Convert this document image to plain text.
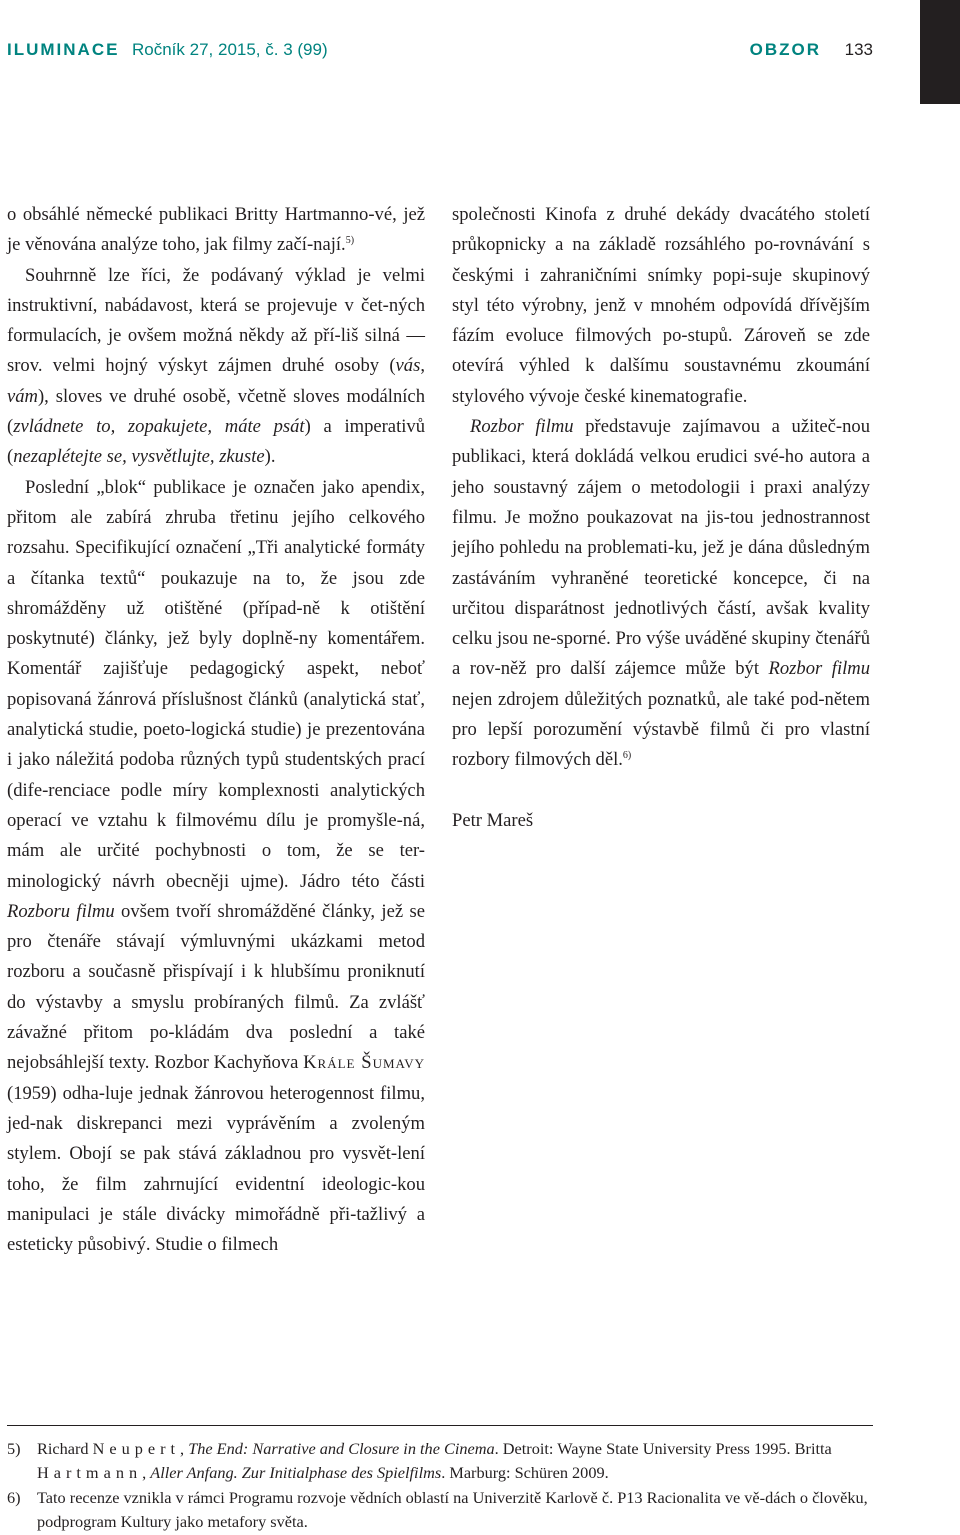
ILUMINACE Ročník 27, 2015, č. 3 (99)	OBZOR 133

o obsáhlé německé publikaci Britty Hartmanno-vé, jež je věnována analýze toho, jak filmy začí-nají.$^{5)}$

Souhrnně lze říci, že podávaný výklad je velmi instruktivní, nabádavost, která se projevuje v čet-ných formulacích, je ovšem možná někdy až pří-liš silná — srov. velmi hojný výskyt zájmen druhé osoby (vás, vám), sloves ve druhé osobě, včetně sloves modálních (zvládnete to, zopakujete, máte psát) a imperativů (nezaplétejte se, vysvětlujte, zkuste).

Poslední „blok“ publikace je označen jako apendix, přitom ale zabírá zhruba třetinu jejího celkového rozsahu. Specifikující označení „Tři analytické formáty a čítanka textů“ poukazuje na to, že jsou zde shromážděny už otištěné (případ-ně k otištění poskytnuté) články, jež byly doplně-ny komentářem. Komentář zajišťuje pedagogický aspekt, neboť popisovaná žánrová příslušnost článků (analytická stať, analytická studie, poeto-logická studie) je prezentována i jako náležitá podoba různých typů studentských prací (dife-renciace podle míry komplexnosti analytických operací ve vztahu k filmovému dílu je promyšle-ná, mám ale určité pochybnosti o tom, že se ter-minologický návrh obecněji ujme). Jádro této části Rozboru filmu ovšem tvoří shromážděné články, jež se pro čtenáře stávají výmluvnými ukázkami metod rozboru a současně přispívají i k hlubšímu proniknutí do výstavby a smyslu probíraných filmů. Za zvlášť závažné přitom po-kládám dva poslední a také nejobsáhlejší texty. Rozbor Kachyňova Krále Šumavy (1959) odha-luje jednak žánrovou heterogennost filmu, jed-nak diskrepanci mezi vyprávěním a zvoleným stylem. Obojí se pak stává základnou pro vysvět-lení toho, že film zahrnující evidentní ideologic-kou manipulaci je stále divácky mimořádně při-tažlivý a esteticky působivý. Studie o filmech

společnosti Kinofa z druhé dekády dvacátého století průkopnicky a na základě rozsáhlého po-rovnávání s českými i zahraničními snímky popi-suje skupinový styl této výrobny, jenž v mnohém odpovídá dřívějším fázím evoluce filmových po-stupů. Zároveň se zde otevírá výhled k dalšímu soustavnému zkoumání stylového vývoje české kinematografie.

Rozbor filmu představuje zajímavou a užiteč-nou publikaci, která dokládá velkou erudici své-ho autora a jeho soustavný zájem o metodologii i praxi analýzy filmu. Je možno poukazovat na jis-tou jednostrannost jejího pohledu na problemati-ku, jež je dána důsledným zastáváním vyhraněné teoretické koncepce, či na určitou disparátnost jednotlivých částí, avšak kvality celku jsou ne-sporné. Pro výše uváděné skupiny čtenářů a rov-něž pro další zájemce může být Rozbor filmu nejen zdrojem důležitých poznatků, ale také pod-nětem pro lepší porozumění výstavbě filmů či pro vlastní rozbory filmových děl.$^{6)}$

Petr Mareš

5) Richard Neupert, The End: Narrative and Closure in the Cinema. Detroit: Wayne State University Press 1995. Britta Hartmann, Aller Anfang. Zur Initialphase des Spielfilms. Marburg: Schüren 2009.
6) Tato recenze vznikla v rámci Programu rozvoje vědních oblastí na Univerzitě Karlově č. P13 Racionalita ve vě-dách o člověku, podprogram Kultury jako metafory světa.
